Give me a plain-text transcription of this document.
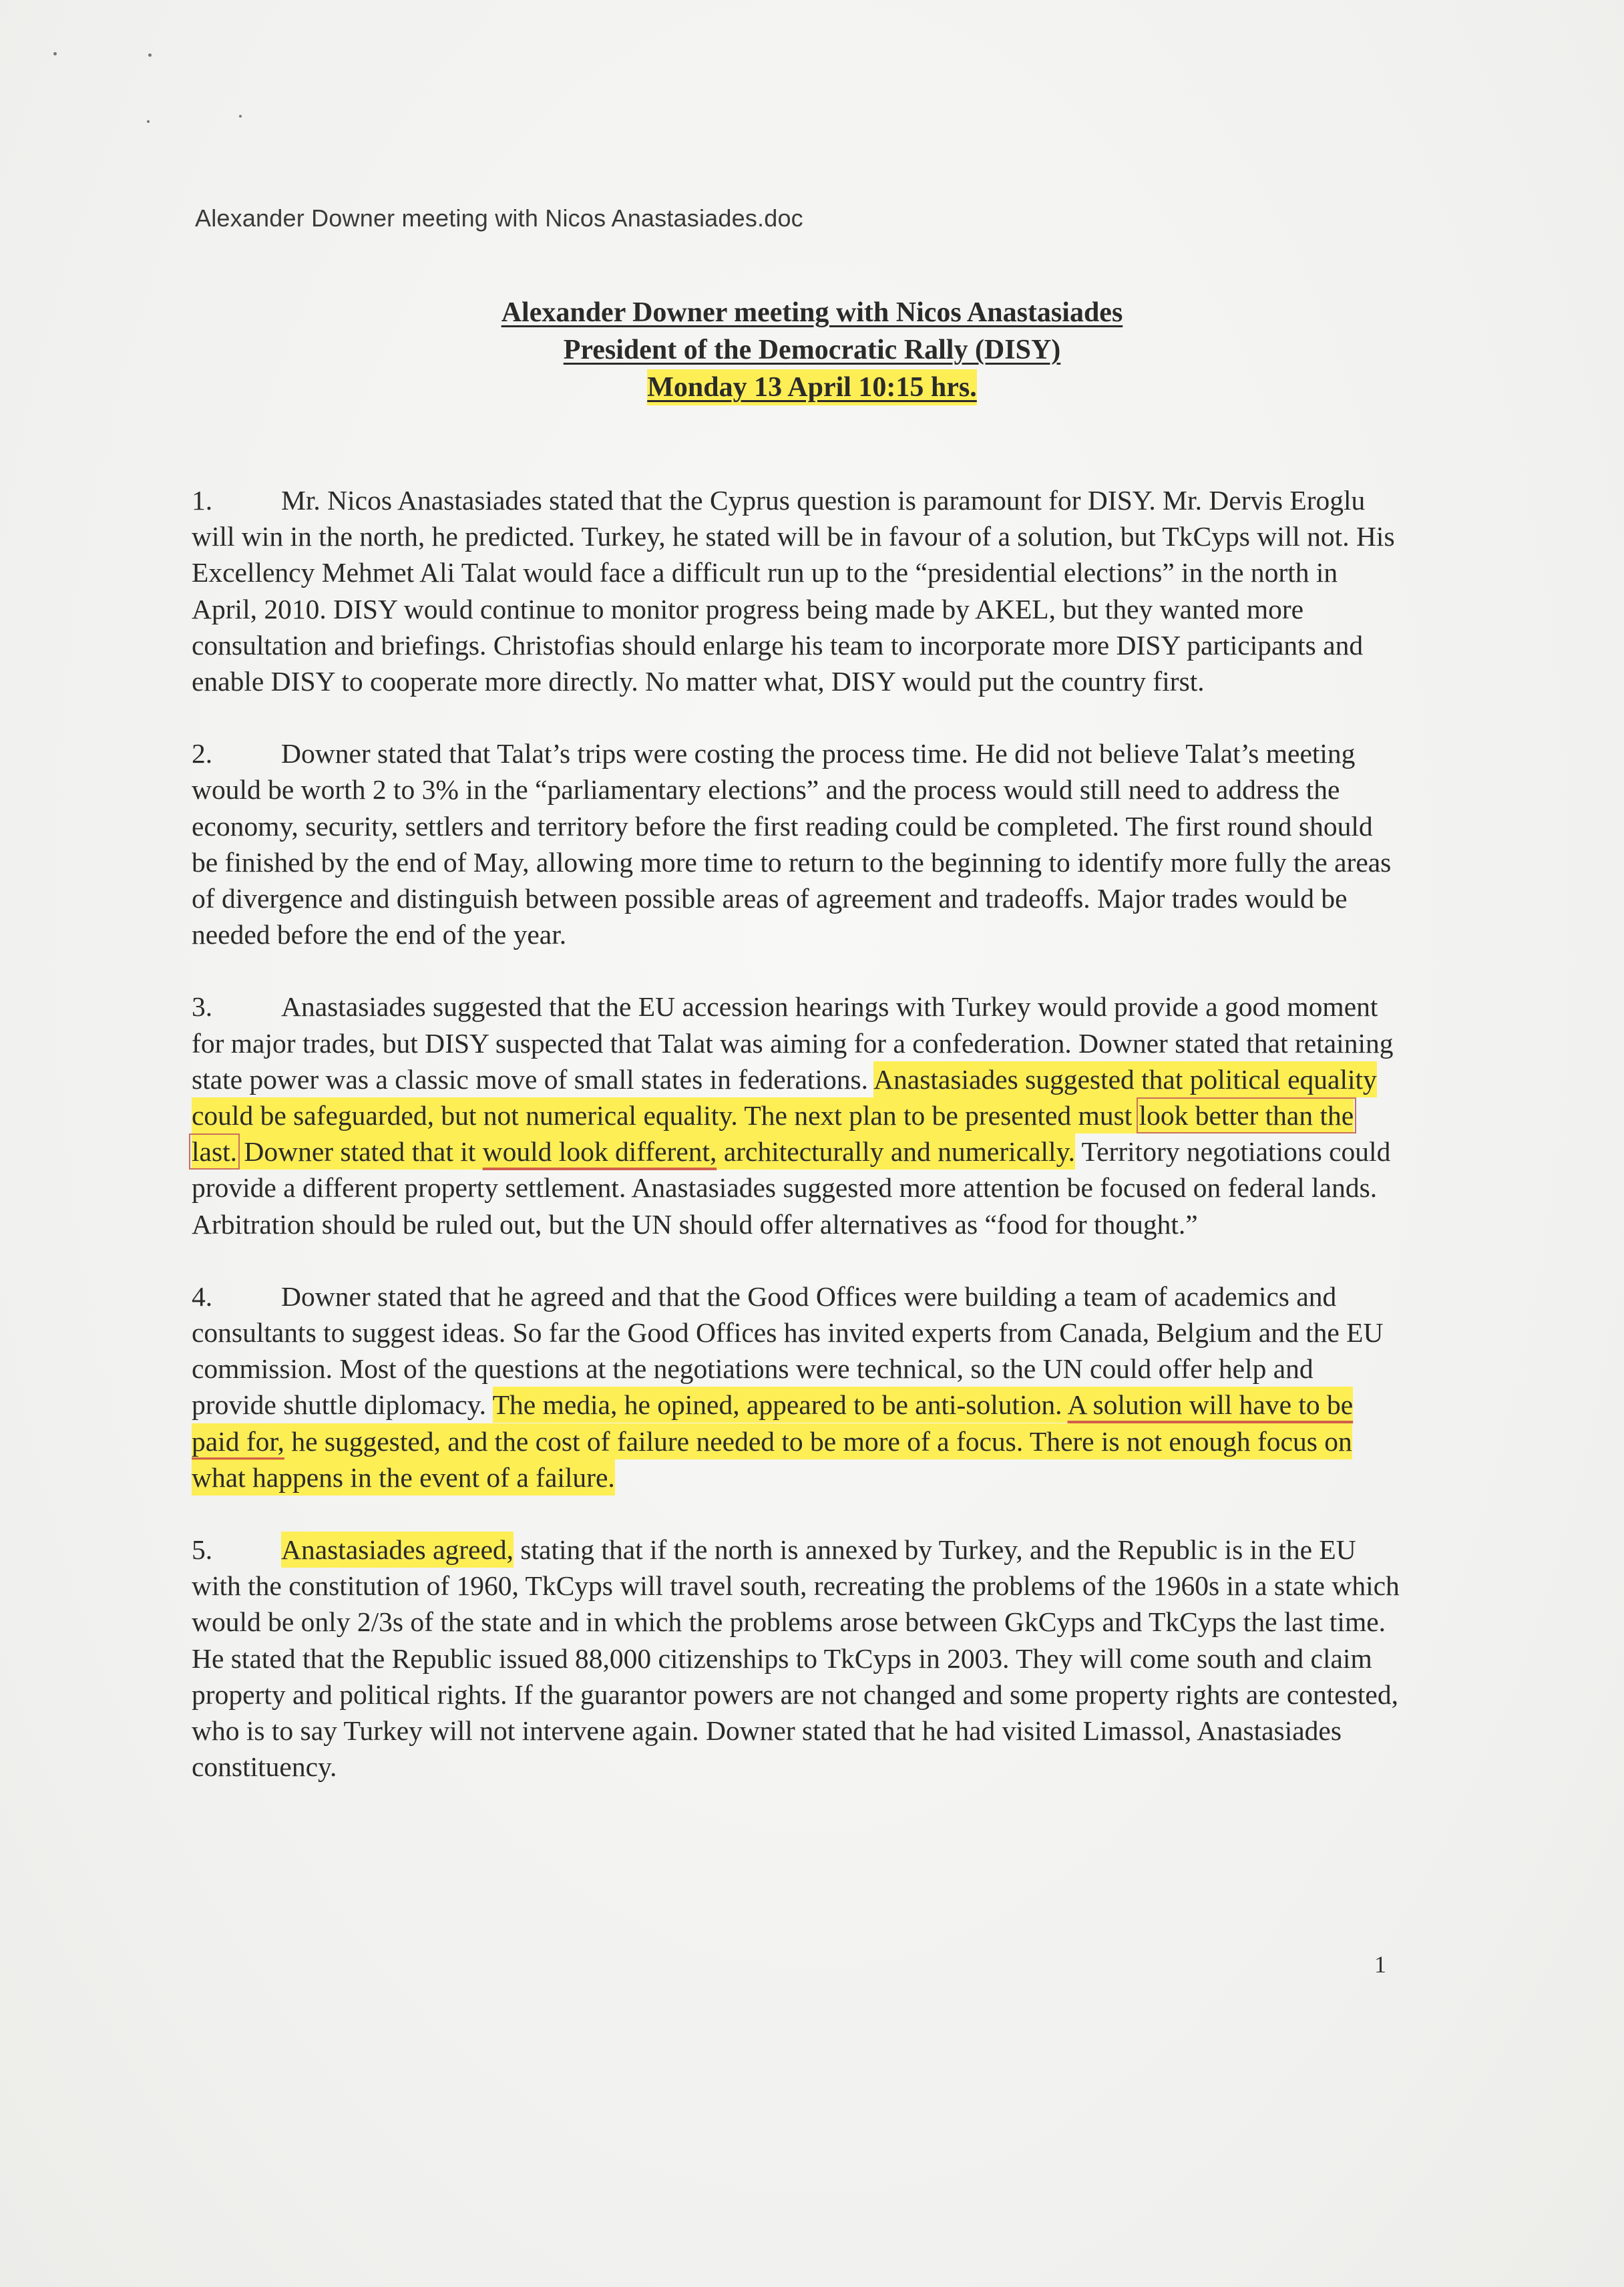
Alexander Downer meeting with Nicos Anastasiades.doc
Alexander Downer meeting with Nicos Anastasiades
President of the Democratic Rally (DISY)
Monday 13 April 10:15 hrs.

1. Mr. Nicos Anastasiades stated that the Cyprus question is paramount for DISY. Mr. Dervis Eroglu will win in the north, he predicted. Turkey, he stated will be in favour of a solution, but TkCyps will not. His Excellency Mehmet Ali Talat would face a difficult run up to the “presidential elections” in the north in April, 2010. DISY would continue to monitor progress being made by AKEL, but they wanted more consultation and briefings. Christofias should enlarge his team to incorporate more DISY participants and enable DISY to cooperate more directly. No matter what, DISY would put the country first.

2. Downer stated that Talat’s trips were costing the process time. He did not believe Talat’s meeting would be worth 2 to 3% in the “parliamentary elections” and the process would still need to address the economy, security, settlers and territory before the first reading could be completed. The first round should be finished by the end of May, allowing more time to return to the beginning to identify more fully the areas of divergence and distinguish between possible areas of agreement and tradeoffs. Major trades would be needed before the end of the year.

3. Anastasiades suggested that the EU accession hearings with Turkey would provide a good moment for major trades, but DISY suspected that Talat was aiming for a confederation. Downer stated that retaining state power was a classic move of small states in federations. Anastasiades suggested that political equality could be safeguarded, but not numerical equality. The next plan to be presented must look better than the last. Downer stated that it would look different, architecturally and numerically. Territory negotiations could provide a different property settlement. Anastasiades suggested more attention be focused on federal lands. Arbitration should be ruled out, but the UN should offer alternatives as “food for thought.”

4. Downer stated that he agreed and that the Good Offices were building a team of academics and consultants to suggest ideas. So far the Good Offices has invited experts from Canada, Belgium and the EU commission. Most of the questions at the negotiations were technical, so the UN could offer help and provide shuttle diplomacy. The media, he opined, appeared to be anti-solution. A solution will have to be paid for, he suggested, and the cost of failure needed to be more of a focus. There is not enough focus on what happens in the event of a failure.

5. Anastasiades agreed, stating that if the north is annexed by Turkey, and the Republic is in the EU with the constitution of 1960, TkCyps will travel south, recreating the problems of the 1960s in a state which would be only 2/3s of the state and in which the problems arose between GkCyps and TkCyps the last time. He stated that the Republic issued 88,000 citizenships to TkCyps in 2003. They will come south and claim property and political rights. If the guarantor powers are not changed and some property rights are contested, who is to say Turkey will not intervene again. Downer stated that he had visited Limassol, Anastasiades constituency.

1
